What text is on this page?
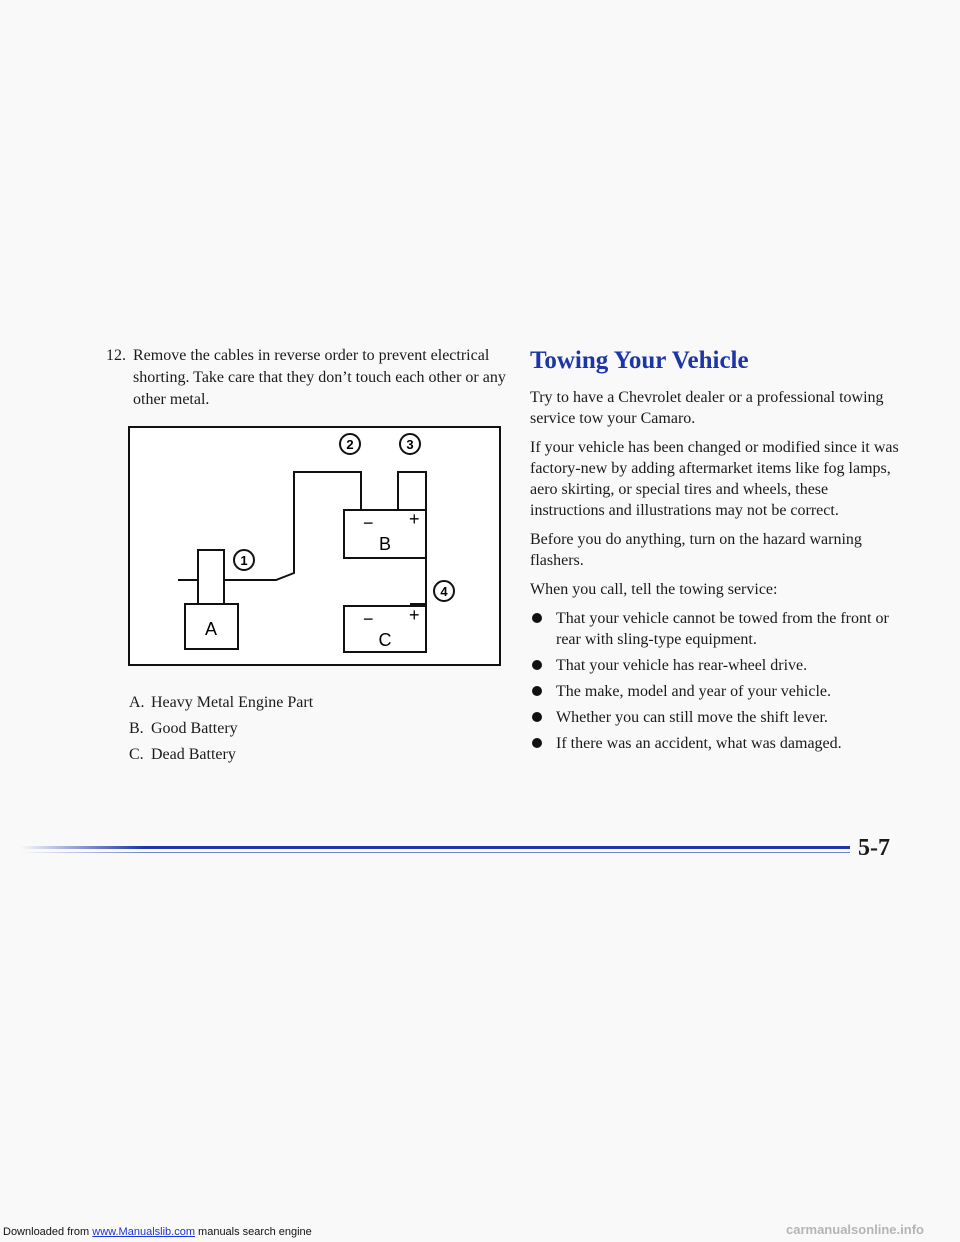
12. Remove the cables in reverse order to prevent electrical shorting. Take care that they don’t touch each other or any other metal.
A
− +
B
− +
C
1
2	3
4
A. Heavy Metal Engine Part
B. Good Battery
C. Dead Battery
Towing Your Vehicle

Try to have a Chevrolet dealer or a professional towing service tow your Camaro.

If your vehicle has been changed or modified since it was factory-new by adding aftermarket items like fog lamps, aero skirting, or special tires and wheels, these instructions and illustrations may not be correct.

Before you do anything, turn on the hazard warning flashers.

When you call, tell the towing service:

That your vehicle cannot be towed from the front or rear with sling-type equipment.
That your vehicle has rear-wheel drive.
The make, model and year of your vehicle.
Whether you can still move the shift lever.
If there was an accident, what was damaged.
5-7
Downloaded from www.Manualslib.com manuals search engine	carmanualsonline.info
